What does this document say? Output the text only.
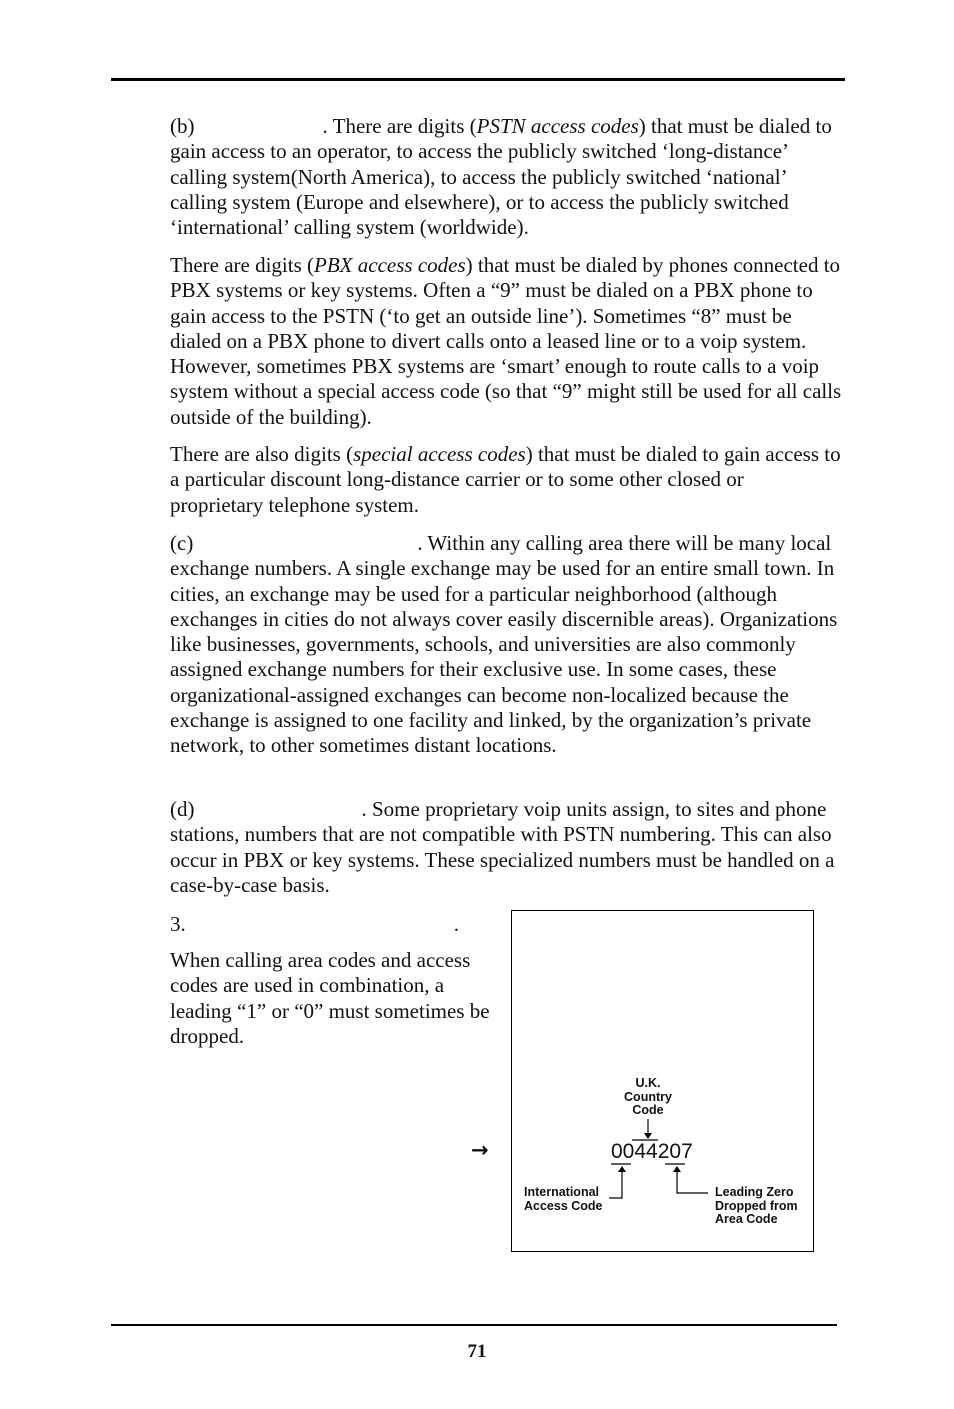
(b)	. There are digits (PSTN access codes) that must be dialed to gain access to an operator, to access the publicly switched ‘long-distance’ calling system(North America), to access the publicly switched ‘national’ calling system (Europe and elsewhere), or to access the publicly switched ‘international’ calling system (worldwide).

There are digits (PBX access codes) that must be dialed by phones connected to PBX systems or key systems. Often a “9” must be dialed on a PBX phone to gain access to the PSTN (‘to get an outside line’). Sometimes “8” must be dialed on a PBX phone to divert calls onto a leased line or to a voip system. However, sometimes PBX systems are ‘smart’ enough to route calls to a voip system without a special access code (so that “9” might still be used for all calls outside of the building).

There are also digits (special access codes) that must be dialed to gain access to a particular discount long-distance carrier or to some other closed or proprietary telephone system.

(c)	. Within any calling area there will be many local exchange numbers. A single exchange may be used for an entire small town. In cities, an exchange may be used for a particular neighborhood (although exchanges in cities do not always cover easily discernible areas). Organizations like businesses, governments, schools, and universities are also commonly assigned exchange numbers for their exclusive use. In some cases, these organizational-assigned exchanges can become non-localized because the exchange is assigned to one facility and linked, by the organization’s private network, to other sometimes distant locations.

(d)	. Some proprietary voip units assign, to sites and phone stations, numbers that are not compatible with PSTN numbering. This can also occur in PBX or key systems. These specialized numbers must be handled on a case-by-case basis.

3.	.

When calling area codes and access codes are used in combination, a leading “1” or “0” must sometimes be dropped.

→
U.K.
Country
Code
0044207
International
Access Code
Leading Zero
Dropped from
Area Code
71
